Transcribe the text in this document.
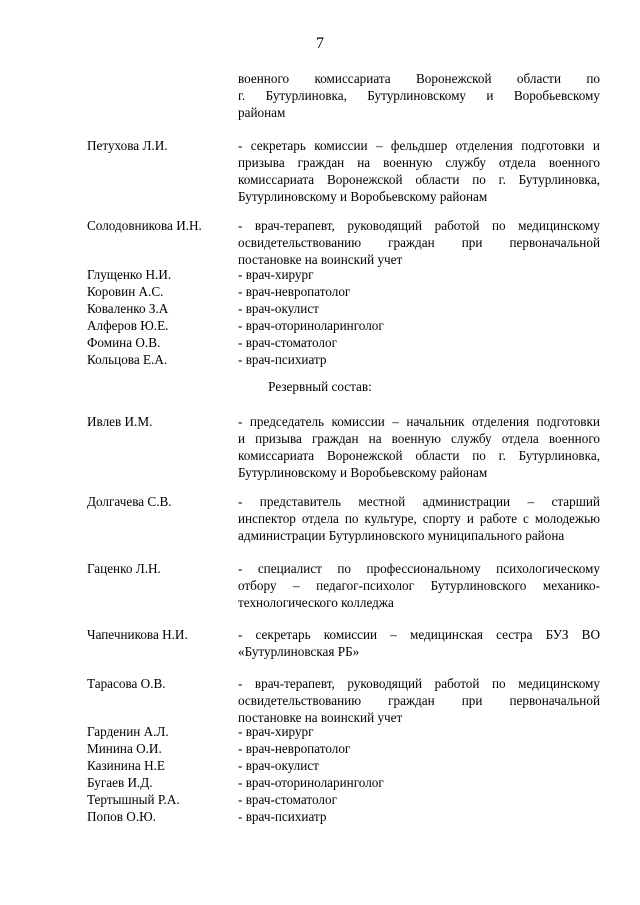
7
военного комиссариата Воронежской области по
г. Бутурлиновка, Бутурлиновскому и Воробьевскому
районам
Петухова Л.И.	- секретарь комиссии – фельдшер отделения подготовки и
призыва граждан на военную службу отдела военного
комиссариата Воронежской области по г. Бутурлиновка,
Бутурлиновскому и Воробьевскому районам
Солодовникова И.Н.	- врач-терапевт, руководящий работой по медицинскому
освидетельствованию граждан при первоначальной
постановке на воинский учет
Глущенко Н.И.	- врач-хирург
Коровин А.С.	- врач-невропатолог
Коваленко З.А	- врач-окулист
Алферов Ю.Е.	- врач-оториноларинголог
Фомина О.В.	- врач-стоматолог
Кольцова Е.А.	- врач-психиатр
Резервный состав:
Ивлев И.М.	- председатель комиссии – начальник отделения подготовки
и призыва граждан на военную службу отдела военного
комиссариата Воронежской области по г. Бутурлиновка,
Бутурлиновскому и Воробьевскому районам
Долгачева С.В.	- представитель местной администрации – старший
инспектор отдела по культуре, спорту и работе с молодежью
администрации Бутурлиновского муниципального района
Гаценко Л.Н.	- специалист по профессиональному психологическому
отбору – педагог-психолог Бутурлиновского механико-
технологического колледжа
Чапечникова Н.И.	- секретарь комиссии – медицинская сестра БУЗ ВО
«Бутурлиновская РБ»
Тарасова О.В.	- врач-терапевт, руководящий работой по медицинскому
освидетельствованию граждан при первоначальной
постановке на воинский учет
Гарденин А.Л.	- врач-хирург
Минина О.И.	- врач-невропатолог
Казинина Н.Е	- врач-окулист
Бугаев И.Д.	- врач-оториноларинголог
Тертышный Р.А.	- врач-стоматолог
Попов О.Ю.	- врач-психиатр
